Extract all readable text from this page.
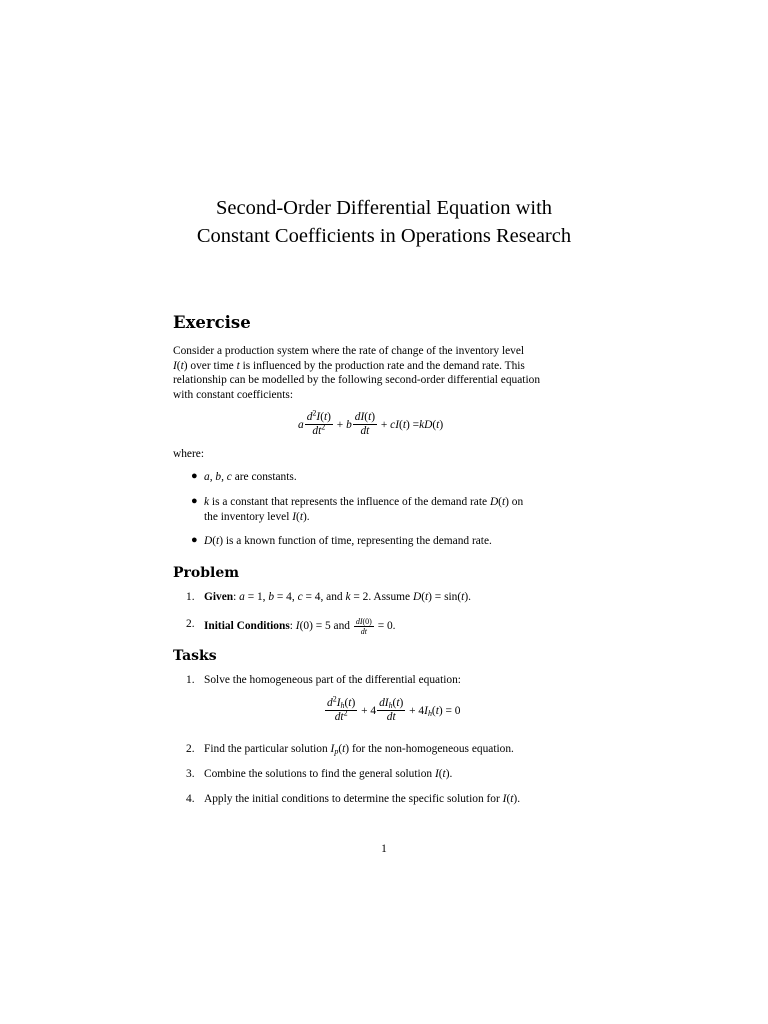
Second-Order Differential Equation with
Constant Coefficients in Operations Research
Exercise
Consider a production system where the rate of change of the inventory level
I(t) over time t is influenced by the production rate and the demand rate. This
relationship can be modelled by the following second-order differential equation
with constant coefficients:
a $\frac{d^2I(t)}{dt^2} + b \frac{dI(t)}{dt}$ + cI ( t ) = kD ( t )
where:
● a, b, c are constants.
● k is a constant that represents the influence of the demand rate D(t) on
the inventory level I(t).
● D(t) is a known function of time, representing the demand rate.
Problem
1. Given : a = 1, b = 4, c = 4, and k = 2. Assume D ( t ) = sin( t ).
2. Initial Conditions : I (0) = 5 and $\frac{dI(0)}{dt} = 0$.
Tasks
1. Solve the homogeneous part of the differential equation:
$\frac{d^2I_h(t)}{dt^2} + 4 \frac{dI_h(t)}{dt} + 4$ $I_h$ ( t ) = 0
2. Find the particular solution $I_p$ ( t ) for the non-homogeneous equation.
3. Combine the solutions to find the general solution I ( t ).
4. Apply the initial conditions to determine the specific solution for I ( t ).
1
